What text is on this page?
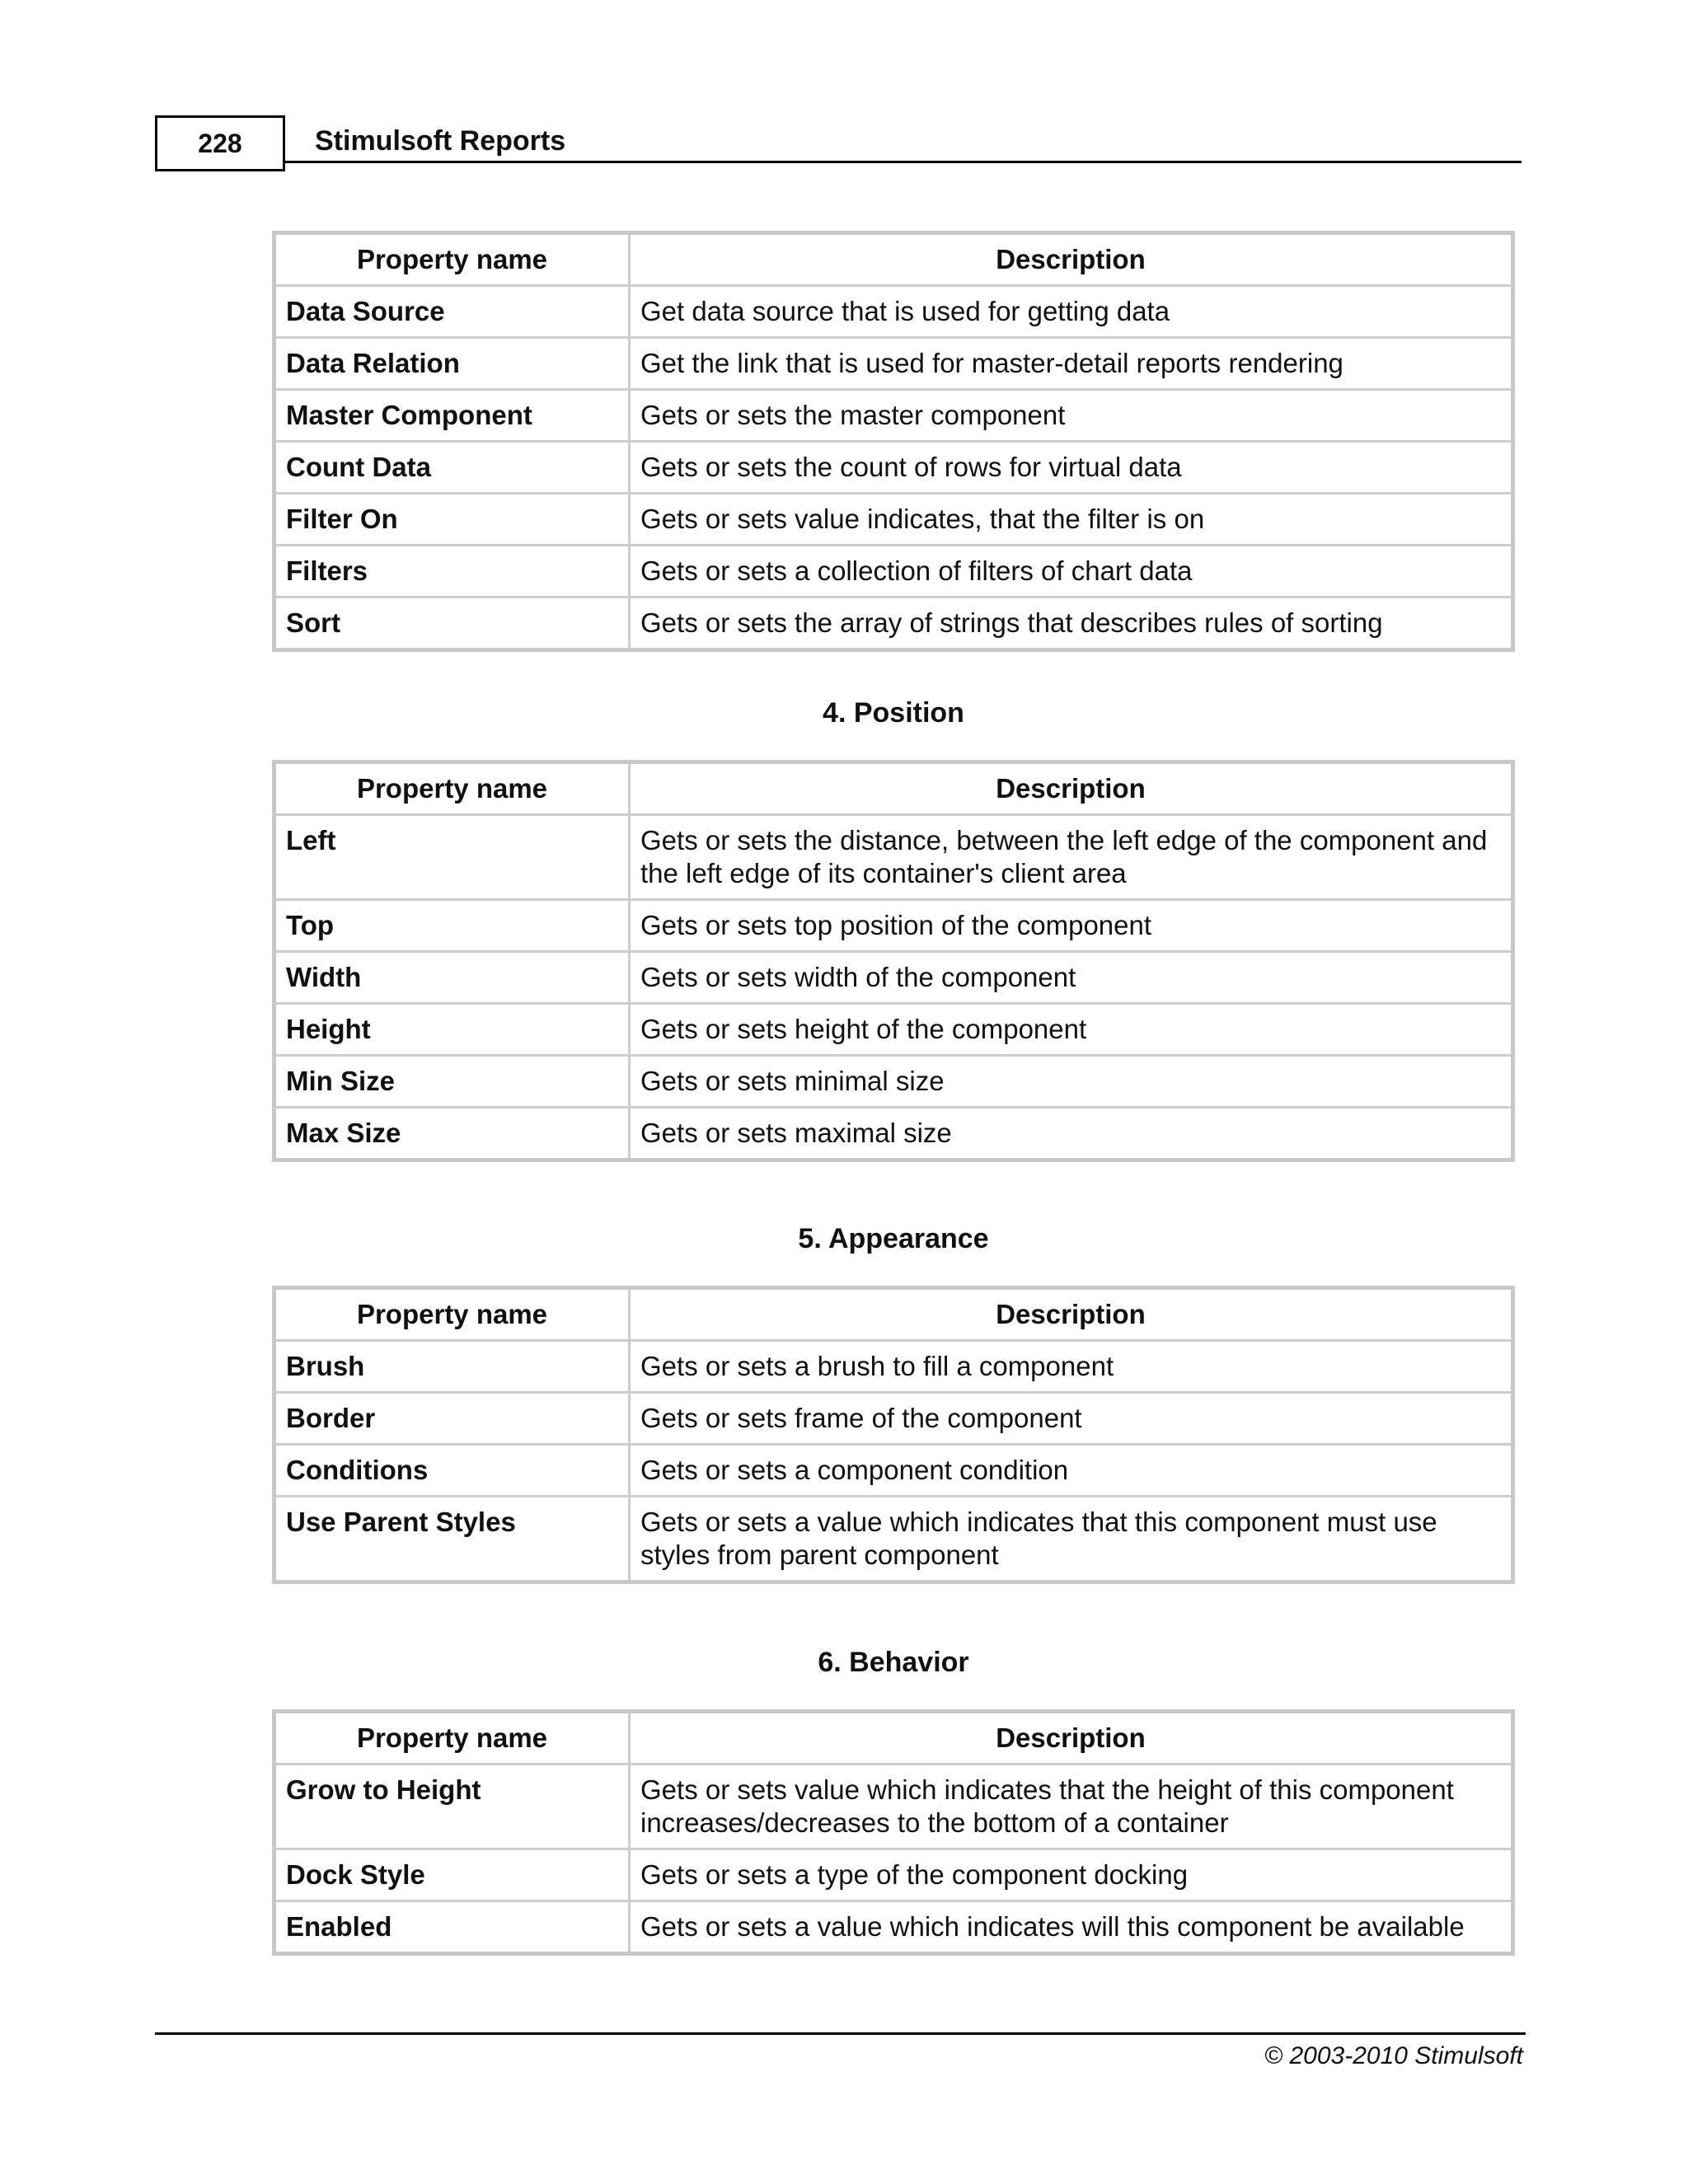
228	Stimulsoft Reports
Property name	Description
Data Source	Get data source that is used for getting data
Data Relation	Get the link that is used for master-detail reports rendering
Master Component	Gets or sets the master component
Count Data	Gets or sets the count of rows for virtual data
Filter On	Gets or sets value indicates, that the filter is on
Filters	Gets or sets a collection of filters of chart data
Sort	Gets or sets the array of strings that describes rules of sorting
4. Position
Property name	Description
Left	Gets or sets the distance, between the left edge of the component and the left edge of its container's client area
Top	Gets or sets top position of the component
Width	Gets or sets width of the component
Height	Gets or sets height of the component
Min Size	Gets or sets minimal size
Max Size	Gets or sets maximal size
5. Appearance
Property name	Description
Brush	Gets or sets a brush to fill a component
Border	Gets or sets frame of the component
Conditions	Gets or sets a component condition
Use Parent Styles	Gets or sets a value which indicates that this component must use styles from parent component
6. Behavior
Property name	Description
Grow to Height	Gets or sets value which indicates that the height of this component increases/decreases to the bottom of a container
Dock Style	Gets or sets a type of the component docking
Enabled	Gets or sets a value which indicates will this component be available
© 2003-2010 Stimulsoft
